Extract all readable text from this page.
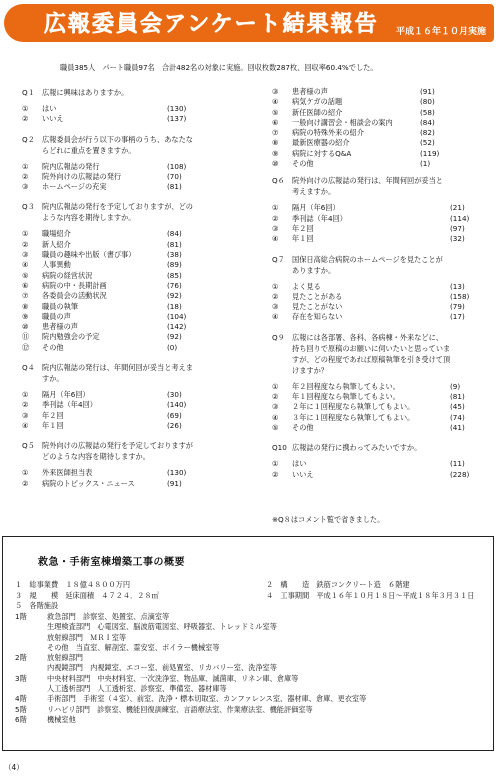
広報委員会アンケート結果報告 平成１６年１０月実施
職員385人　パート職員97名　合計482名の対象に実施。回収枚数287枚、回収率60.4%でした。
Q１ 広報に興味はありますか。
① はい	(130)
② いいえ	(137)
Q２ 広報委員会が行う以下の事柄のうち、あなたな
らどれに重点を置きますか。
① 院内広報誌の発行	(108)
② 院外向けの広報誌の発行	(70)
③ ホームページの充実	(81)
Q３ 院内広報誌の発行を予定しておりますが、どの
ような内容を期待しますか。
① 職場紹介	(84)
② 新人紹介	(81)
③ 職員の趣味や出版（書ぴ事）	(38)
④ 人事異動	(89)
⑤ 病院の経営状況	(85)
⑥ 病院の中・長期計画	(76)
⑦ 各委員会の活動状況	(92)
⑧ 職員の執筆	(18)
⑨ 職員の声	(104)
⑩ 患者様の声	(142)
⑪ 院内勉強会の予定	(92)
⑫ その他	(0)
Q４ 院内広報誌の発行は、年間何回が妥当と考えま
すか。
① 隔月（年6回）	(30)
② 季刊誌（年4回）	(140)
③ 年２回	(69)
④ 年１回	(26)
Q５ 院外向けの広報誌の発行を予定しておりますが
どのような内容を期待しますか。
① 外来医師担当表	(130)
② 病院のトピックス・ニュース	(91)
③ 患者様の声	(91)
④ 病気ケガの話題	(80)
⑤ 新任医師の紹介	(58)
⑥ 一般向け講習会・相談会の案内	(84)
⑦ 病院の特殊外来の紹介	(82)
⑧ 最新医療器の紹介	(52)
⑨ 病院に対するQ&A	(119)
⑩ その他	(1)
Q６ 院外向けの広報誌の発行は、年間何回が妥当と
考えますか。
① 隔月（年6回）	(21)
② 季刊誌（年4回）	(114)
③ 年２回	(97)
④ 年１回	(32)
Q７ 国保日高総合病院のホームページを見たことが
ありますか。
① よく見る	(13)
② 見たことがある	(158)
③ 見たことがない	(79)
④ 存在を知らない	(17)
Q９ 広報には各部署、各科、各病棟・外来などに、
持ち回りで原稿のお願いに伺いたいと思っていま
すが、どの程度であれば原稿執筆を引き受けて頂
けますか？
① 年２回程度なら執筆してもよい。	(9)
② 年１回程度なら執筆してもよい。	(81)
③ ２年に１回程度なら執筆してもよい。	(45)
④ ３年に１回程度なら執筆してもよい。	(74)
⑤ その他	(41)
Q10 広報誌の発行に携わってみたいですか。
① はい	(11)
② いいえ	(228)
※Q８はコメント覧で省きました。
救急・手術室棟増築工事の概要
１　総事業費　１８億４８００万円	２　構　　造　鉄筋コンクリート造　６階建
３　規　　模　延床面積　４７２４．２８㎡	４　工事期間　平成１６年１０月１８日～平成１８年３月３１日
５　各階施設
1階	救急部門　診察室、処置室、点滴室等
生理検査部門　心電図室、脳波筋電図室、呼吸器室、トレッドミル室等
放射線部門　ＭＲＩ室等
その他　当直室、解剖室、霊安室、ボイラー機械室等
2階	放射線部門
内視鏡部門　内視鏡室、エコー室、前処置室、リカバリー室、洗浄室等
3階	中央材料部門　中央材料室、一次洗浄室、物品庫、滅菌庫、リネン庫、倉庫等
人工透析部門　人工透析室、診察室、準備室、器材庫等
4階	手術部門　手術室（４室）、前室、洗浄・標本切取室、カンファレンス室、器材庫、倉庫、更衣室等
5階	リハビリ部門　診察室、機能回復訓練室、言語療法室、作業療法室、機能評価室等
6階	機械室他
（4）
